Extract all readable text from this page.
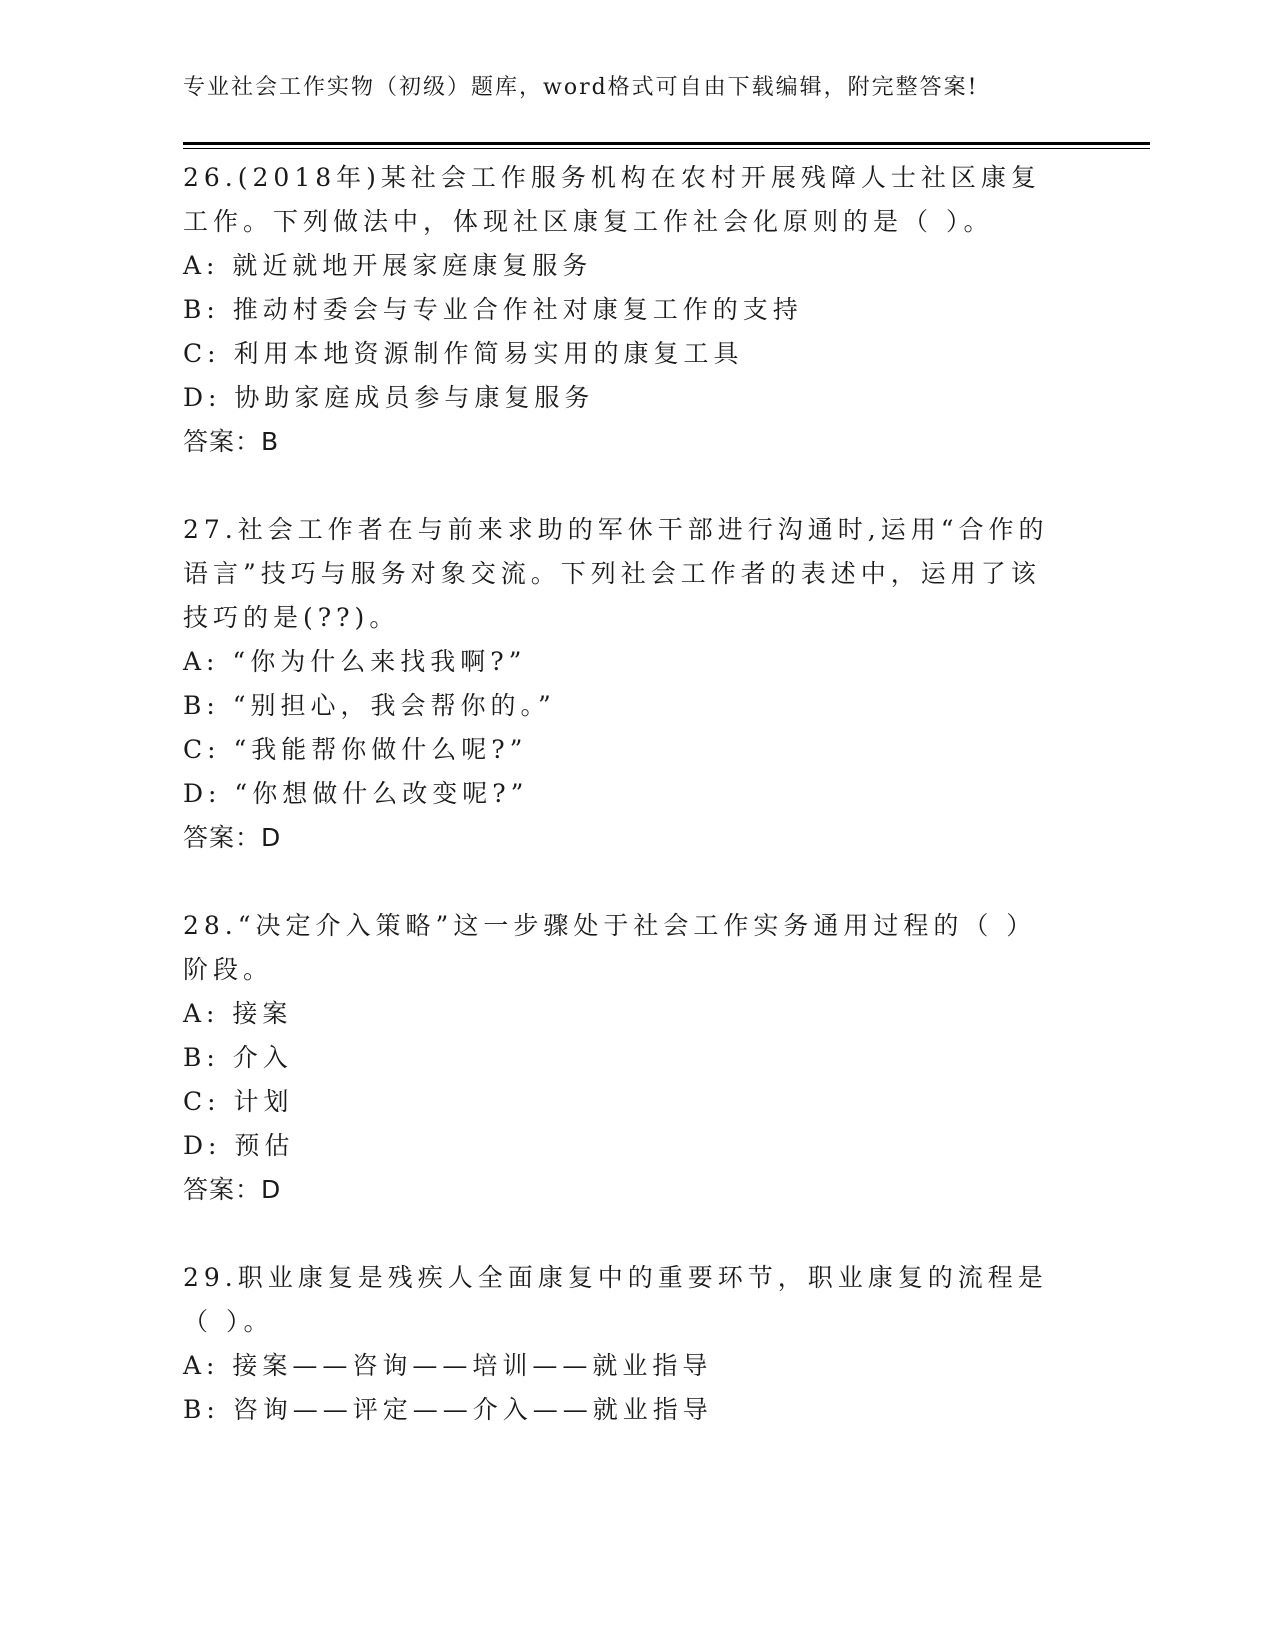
专业社会工作实物（初级）题库，word格式可自由下载编辑，附完整答案!

26.(2018年)某社会工作服务机构在农村开展残障人士社区康复工作。下列做法中，体现社区康复工作社会化原则的是（ ）。

A: 就近就地开展家庭康复服务

B: 推动村委会与专业合作社对康复工作的支持

C: 利用本地资源制作简易实用的康复工具

D: 协助家庭成员参与康复服务

答案：B

27.社会工作者在与前来求助的军休干部进行沟通时,运用“合作的语言”技巧与服务对象交流。下列社会工作者的表述中，运用了该技巧的是(??)。

A: “你为什么来找我啊?”

B: “别担心，我会帮你的。”

C: “我能帮你做什么呢?”

D: “你想做什么改变呢?”

答案：D

28.“决定介入策略”这一步骤处于社会工作实务通用过程的（ ）阶段。

A: 接案

B: 介入

C: 计划

D: 预估

答案：D

29.职业康复是残疾人全面康复中的重要环节，职业康复的流程是（ ）。

A: 接案——咨询——培训——就业指导

B: 咨询——评定——介入——就业指导
